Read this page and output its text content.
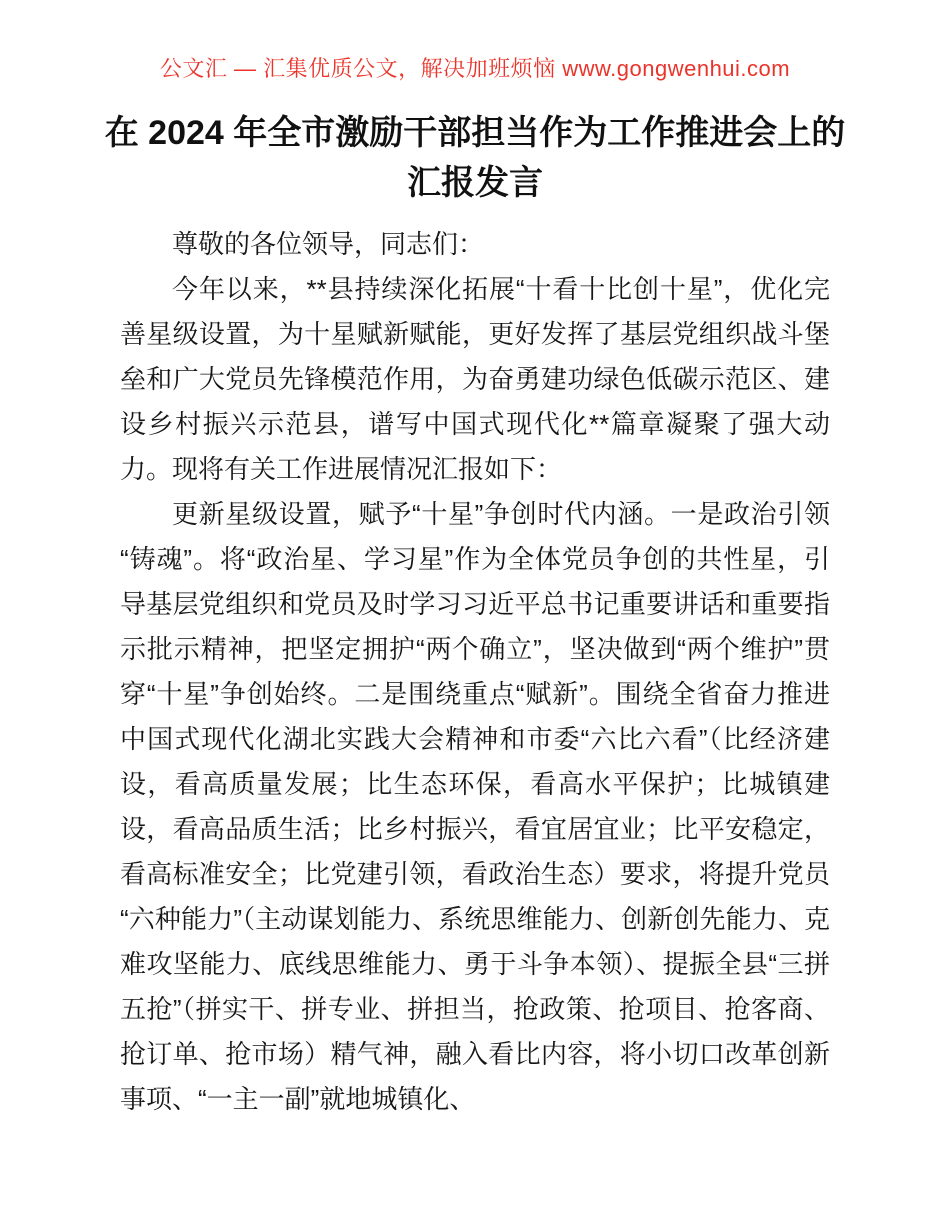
公文汇 — 汇集优质公文，解决加班烦恼 www.gongwenhui.com
在 2024 年全市激励干部担当作为工作推进会上的汇报发言

尊敬的各位领导，同志们：

今年以来，**县持续深化拓展“十看十比创十星”，优化完善星级设置，为十星赋新赋能，更好发挥了基层党组织战斗堡垒和广大党员先锋模范作用，为奋勇建功绿色低碳示范区、建设乡村振兴示范县，谱写中国式现代化**篇章凝聚了强大动力。现将有关工作进展情况汇报如下：

更新星级设置，赋予“十星”争创时代内涵。一是政治引领“铸魂”。将“政治星、学习星”作为全体党员争创的共性星，引导基层党组织和党员及时学习习近平总书记重要讲话和重要指示批示精神，把坚定拥护“两个确立”，坚决做到“两个维护”贯穿“十星”争创始终。二是围绕重点“赋新”。围绕全省奋力推进中国式现代化湖北实践大会精神和市委“六比六看”（比经济建设，看高质量发展；比生态环保，看高水平保护；比城镇建设，看高品质生活；比乡村振兴，看宜居宜业；比平安稳定，看高标准安全；比党建引领，看政治生态）要求，将提升党员“六种能力”（主动谋划能力、系统思维能力、创新创先能力、克难攻坚能力、底线思维能力、勇于斗争本领）、提振全县“三拼五抢”（拼实干、拼专业、拼担当，抢政策、抢项目、抢客商、抢订单、抢市场）精气神，融入看比内容，将小切口改革创新事项、“一主一副”就地城镇化、
